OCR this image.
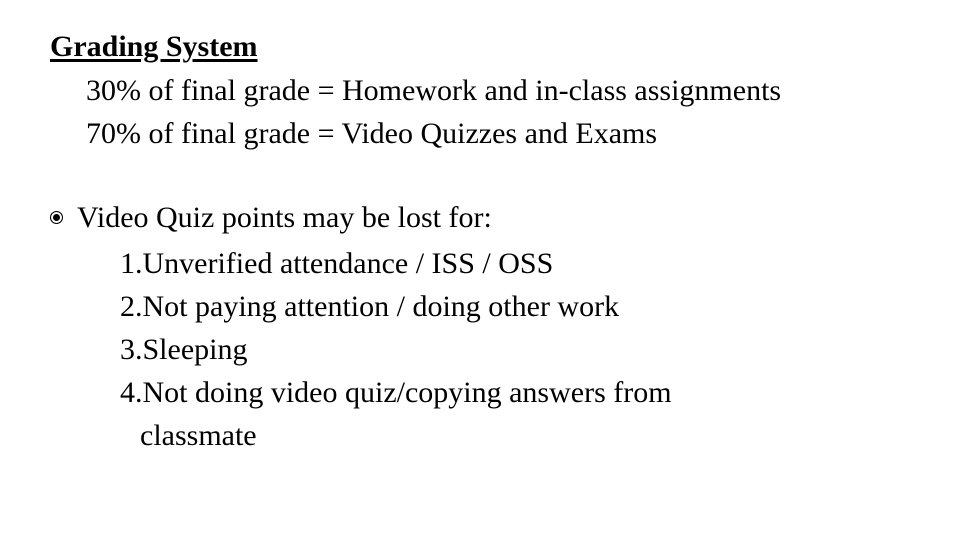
Grading System
30% of final grade = Homework and in-class assignments
70% of final grade = Video Quizzes and Exams
Video Quiz points may be lost for:
1.Unverified attendance / ISS / OSS
2.Not paying attention / doing other work
3.Sleeping
4.Not doing video quiz/copying answers from
classmate
